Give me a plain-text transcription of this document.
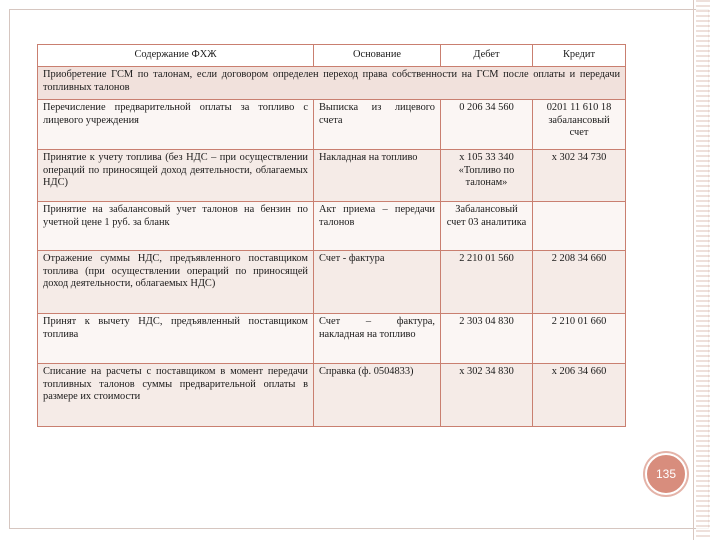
Содержание ФХЖ	Основание	Дебет	Кредит
Приобретение ГСМ по талонам, если договором определен переход права собственности на ГСМ после оплаты и передачи топливных талонов			
Перечисление предварительной оплаты за топливо с лицевого учреждения	Выписка из лицевого счета	0 206 34 560	0201 11 610 18 забалансовый счет
Принятие к учету топлива (без НДС – при осуществлении операций по приносящей доход деятельности, облагаемых НДС)	Накладная на топливо	х 105 33 340 «Топливо по талонам»	х 302 34 730
Принятие на забалансовый учет талонов на бензин по учетной цене 1 руб. за бланк	Акт приема – передачи талонов	Забалансовый счет 03 аналитика	
Отражение суммы НДС, предъявленного поставщиком топлива (при осуществлении операций по приносящей доход деятельности, облагаемых НДС)	Счет - фактура	2 210 01 560	2 208 34 660
Принят к вычету НДС, предъявленный поставщиком топлива	Счет – фактура, накладная на топливо	2 303 04 830	2 210 01 660
Списание на расчеты с поставщиком в момент передачи топливных талонов суммы предварительной оплаты в размере их стоимости	Справка (ф. 0504833)	х 302 34 830	х 206 34 660
135
